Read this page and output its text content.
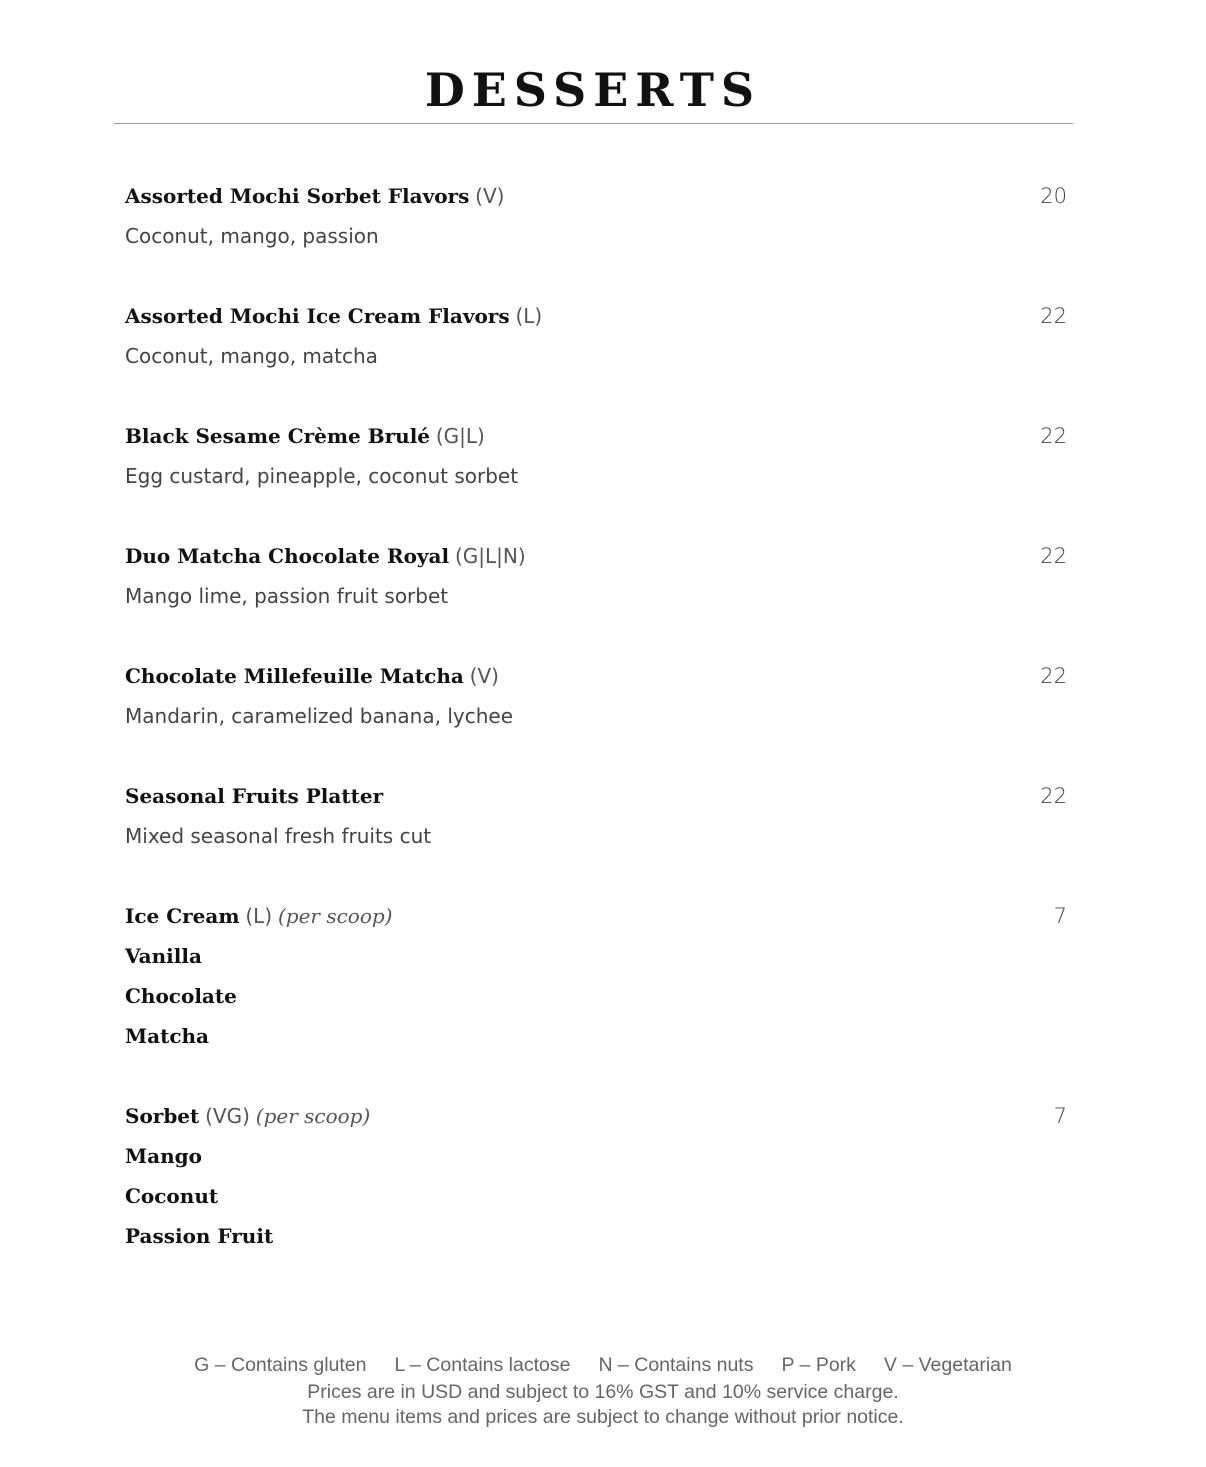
DESSERTS
Assorted Mochi Sorbet Flavors (V)	20
Coconut, mango, passion
Assorted Mochi Ice Cream Flavors (L)	22
Coconut, mango, matcha
Black Sesame Crème Brulé (G|L)	22
Egg custard, pineapple, coconut sorbet
Duo Matcha Chocolate Royal (G|L|N)	22
Mango lime, passion fruit sorbet
Chocolate Millefeuille Matcha (V)	22
Mandarin, caramelized banana, lychee
Seasonal Fruits Platter	22
Mixed seasonal fresh fruits cut
Ice Cream (L) (per scoop)	7
Vanilla
Chocolate
Matcha
Sorbet (VG) (per scoop)	7
Mango
Coconut
Passion Fruit
G – Contains gluten L – Contains lactose N – Contains nuts P – Pork V – Vegetarian
Prices are in USD and subject to 16% GST and 10% service charge.
The menu items and prices are subject to change without prior notice.
